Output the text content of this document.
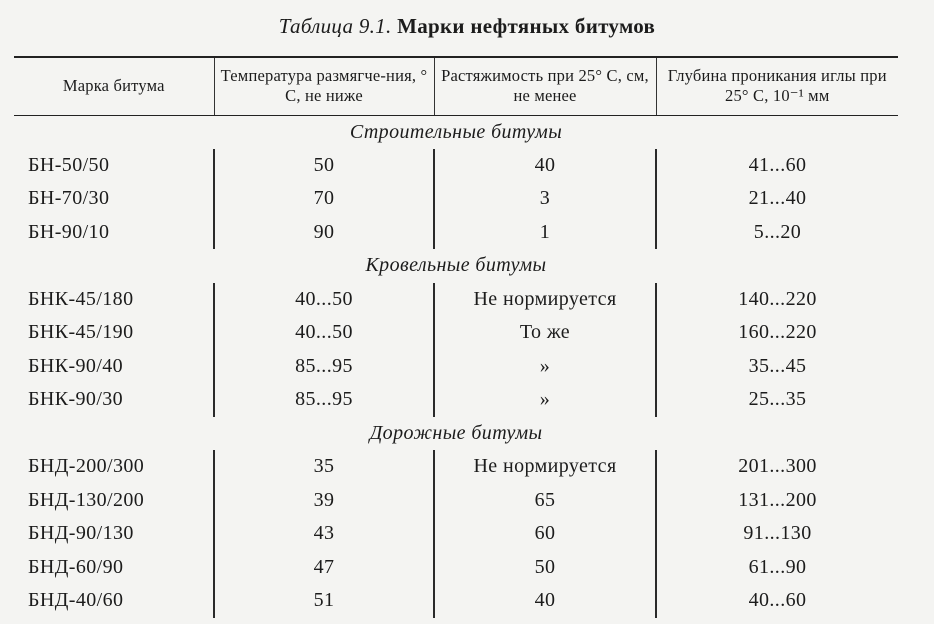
Таблица 9.1. Марки нефтяных битумов
Марка битума	Температура размягче-ния, ° С, не ниже	Растяжимость при 25° С, см, не менее	Глубина проникания иглы при 25° С, 10⁻¹ мм
Строительные битумы			
БН-50/50	50	40	41...60
БН-70/30	70	3	21...40
БН-90/10	90	1	5...20
Кровельные битумы			
БНК-45/180	40...50	Не нормируется	140...220
БНК-45/190	40...50	То же	160...220
БНК-90/40	85...95	»	35...45
БНК-90/30	85...95	»	25...35
Дорожные битумы			
БНД-200/300	35	Не нормируется	201...300
БНД-130/200	39	65	131...200
БНД-90/130	43	60	91...130
БНД-60/90	47	50	61...90
БНД-40/60	51	40	40...60
